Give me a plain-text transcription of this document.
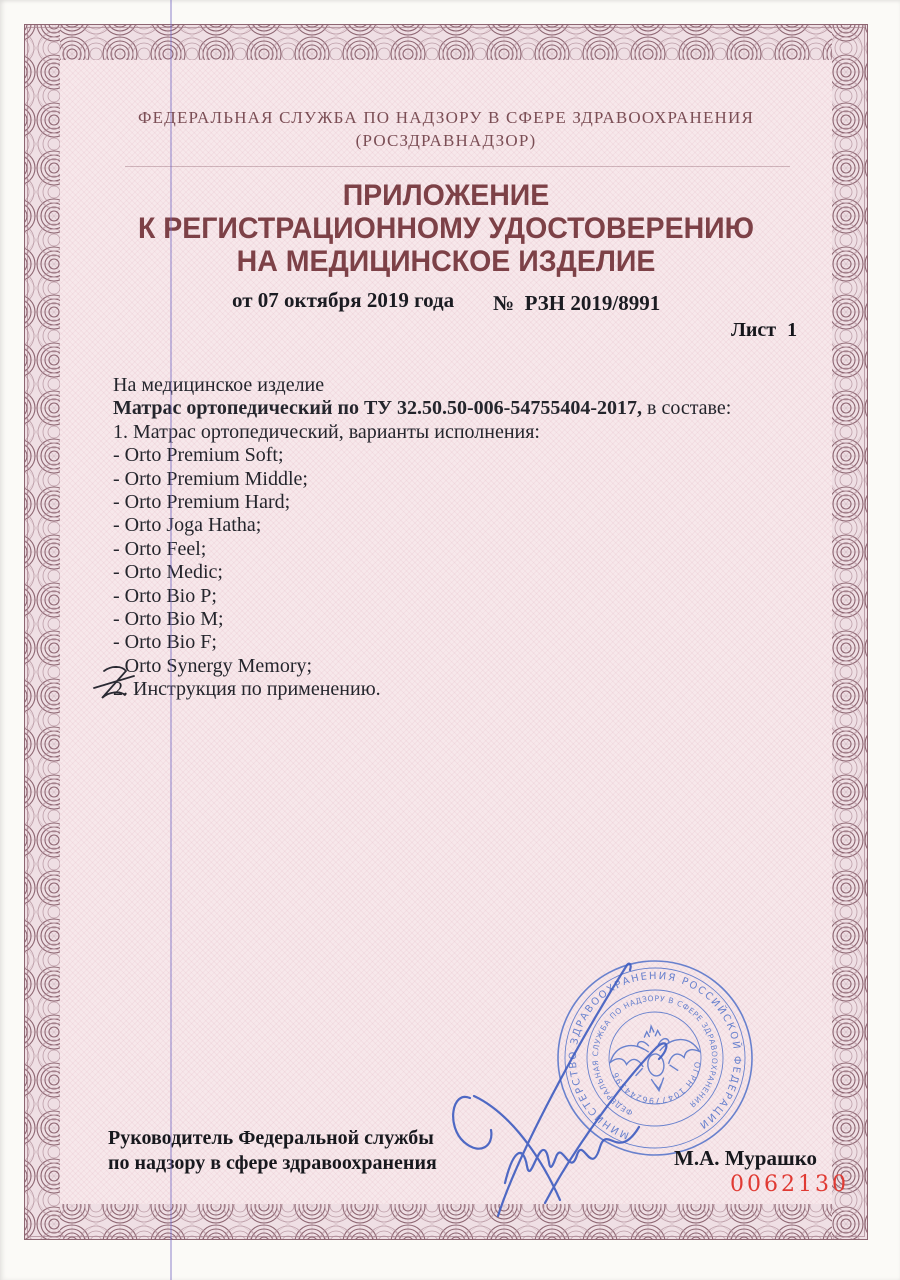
ФЕДЕРАЛЬНАЯ СЛУЖБА ПО НАДЗОРУ В СФЕРЕ ЗДРАВООХРАНЕНИЯ
(РОСЗДРАВНАДЗОР)
ПРИЛОЖЕНИЕ
К РЕГИСТРАЦИОННОМУ УДОСТОВЕРЕНИЮ
НА МЕДИЦИНСКОЕ ИЗДЕЛИЕ
от 07 октября 2019 года №  РЗН 2019/8991
Лист 1
На медицинское изделие
Матрас ортопедический по ТУ 32.50.50-006-54755404-2017, в составе:
1. Матрас ортопедический, варианты исполнения:
- Orto Premium Soft;
- Orto Premium Middle;
- Orto Premium Hard;
- Orto Joga Hatha;
- Orto Feel;
- Orto Medic;
- Orto Bio P;
- Orto Bio M;
- Orto Bio F;
- Orto Synergy Memory;
2. Инструкция по применению.
МИНИСТЕРСТВО ЗДРАВООХРАНЕНИЯ РОССИЙСКОЙ ФЕДЕРАЦИИ
ФЕДЕРАЛЬНАЯ СЛУЖБА ПО НАДЗОРУ В СФЕРЕ ЗДРАВООХРАНЕНИЯ
ОГРН 1047796244396
Руководитель Федеральной службы
по надзору в сфере здравоохранения	М.А. Мурашко
0062130
